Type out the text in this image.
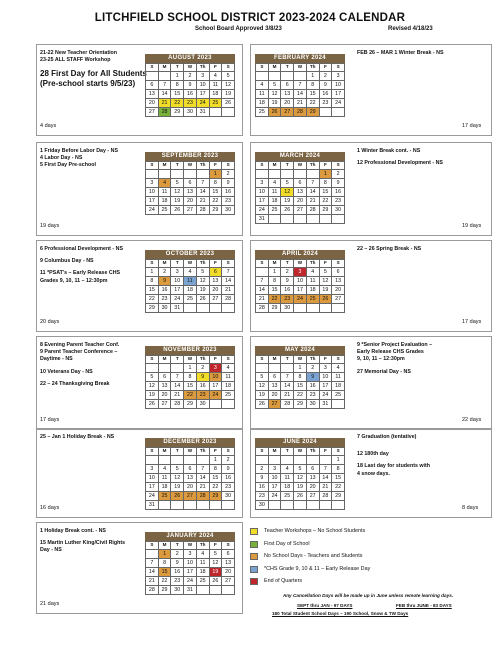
LITCHFIELD SCHOOL DISTRICT 2023-2024 CALENDAR
School Board Approved 3/8/23	Revised 4/18/23
21-22 New Teacher Orientation
23-25 ALL STAFF Workshop
28 First Day for All Students
(Pre-school starts 9/5/23)
4 days
AUGUST 2023
S	M	T	W	Th	F	S
		1	2	3	4	5
6	7	8	9	10	11	12
13	14	15	16	17	18	19
20	21	22	23	24	25	26
27	28	29	30	31		
FEB 26 – MAR 1 Winter Break - NS
17 days
FEBRUARY 2024
S	M	T	W	Th	F	S
				1	2	3
4	5	6	7	8	9	10
11	12	13	14	15	16	17
18	19	20	21	22	23	24
25	26	27	28	29		
1 Friday Before Labor Day - NS
4 Labor Day - NS
5 First Day Pre-school
19 days
SEPTEMBER 2023
S	M	T	W	Th	F	S
					1	2
3	4	5	6	7	8	9
10	11	12	13	14	15	16
17	18	19	20	21	22	23
24	25	26	27	28	29	30
1 Winter Break cont. - NS
12 Professional Development - NS
19 days
MARCH 2024
S	M	T	W	Th	F	S
					1	2
3	4	5	6	7	8	9
10	11	12	13	14	15	16
17	18	19	20	21	22	23
24	25	26	27	28	29	30
31						
6 Professional Development - NS
9 Columbus Day - NS
11 *PSAT's – Early Release CHS
Grades 9, 10, 11 – 12:30pm
20 days
OCTOBER 2023
S	M	T	W	Th	F	S
1	2	3	4	5	6	7
8	9	10	11	12	13	14
15	16	17	18	19	20	21
22	23	24	25	26	27	28
29	30	31				
22 – 26 Spring Break - NS
17 days
APRIL 2024
S	M	T	W	Th	F	S
	1	2	3	4	5	6
7	8	9	10	11	12	13
14	15	16	17	18	19	20
21	22	23	24	25	26	27
28	29	30				
8 Evening Parent Teacher Conf.
9 Parent Teacher Conference –
Daytime - NS
10 Veterans Day - NS
22 – 24 Thanksgiving Break
17 days
NOVEMBER 2023
S	M	T	W	Th	F	S
			1	2	3	4
5	6	7	8	9	10	11
12	13	14	15	16	17	18
19	20	21	22	23	24	25
26	27	28	29	30		
9 *Senior Project Evaluation –
Early Release CHS Grades
9, 10, 11 – 12:30pm
27 Memorial Day - NS
22 days
MAY 2024
S	M	T	W	Th	F	S
			1	2	3	4
5	6	7	8	9	10	11
12	13	14	15	16	17	18
19	20	21	22	23	24	25
26	27	28	29	30	31	
25 – Jan 1 Holiday Break - NS
16 days
DECEMBER 2023
S	M	T	W	Th	F	S
					1	2
3	4	5	6	7	8	9
10	11	12	13	14	15	16
17	18	19	20	21	22	23
24	25	26	27	28	29	30
31						
7 Graduation (tentative)
12 180th day
18 Last day for students with
4 snow days.
8 days
JUNE 2024
S	M	T	W	Th	F	S
						1
2	3	4	5	6	7	8
9	10	11	12	13	14	15
16	17	18	19	20	21	22
23	24	25	26	27	28	29
30						
1 Holiday Break cont. - NS
15 Martin Luther King/Civil Rights
Day - NS
21 days
JANUARY 2024
S	M	T	W	Th	F	S
	1	2	3	4	5	6
7	8	9	10	11	12	13
14	15	16	17	18	19	20
21	22	23	24	25	26	27
28	29	30	31			
Teacher Workshops – No School Students
First Day of School
No School Days - Teachers and Students
*CHS Grade 9, 10 & 11 – Early Release Day
End of Quarters
Any Cancellation Days will be made up in June unless remote learning days.
SEPT thru JAN - 97 DAYS	FEB thru JUNE - 83 DAYS
180 Total Student School Days – 190 School, Snow & TW Days
